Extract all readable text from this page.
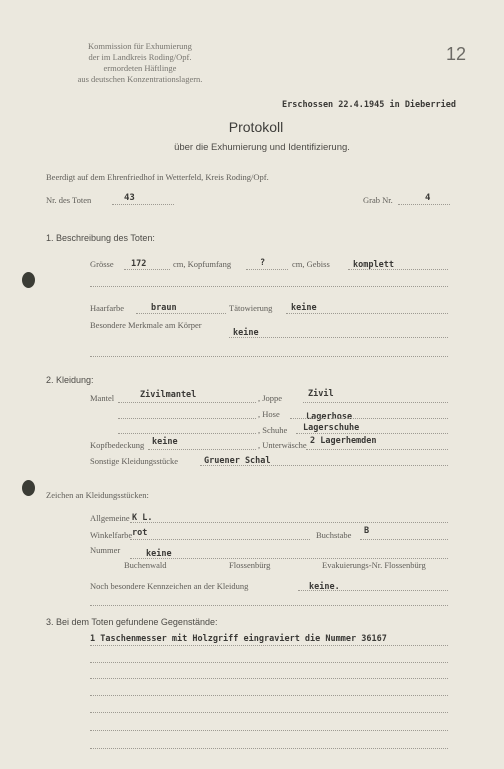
Kommission für Exhumierung
der im Landkreis Roding/Opf.
ermordeten Häftlinge
aus deutschen Konzentrationslagern.
12
Erschossen 22.4.1945 in Dieberried
Protokoll
über die Exhumierung und Identifizierung.
Beerdigt auf dem Ehrenfriedhof in Wetterfeld, Kreis Roding/Opf.
Nr. des Toten	43	Grab Nr.	4
1. Beschreibung des Toten:
Grösse 172	cm, Kopfumfang	?	cm, Gebiss	komplett
Haarfarbe	braun	Tätowierung keine
Besondere Merkmale am Körper
keine
2. Kleidung:
Mantel	Zivilmantel	, Joppe	Zivil
, Hose	Lagerhose
, Schuhe Lagerschuhe
Kopfbedeckung keine	, Unterwäsche 2 Lagerhemden
Sonstige Kleidungsstücke	Gruener Schal
Zeichen an Kleidungsstücken:
Allgemeine K L.
Winkelfarbe rot	Buchstabe B
Nummer	keine
Buchenwald	Flossenbürg	Evakuierungs-Nr. Flossenbürg
Noch besondere Kennzeichen an der Kleidung	keine.
3. Bei dem Toten gefundene Gegenstände:
1 Taschenmesser mit Holzgriff eingraviert die Nummer 36167
